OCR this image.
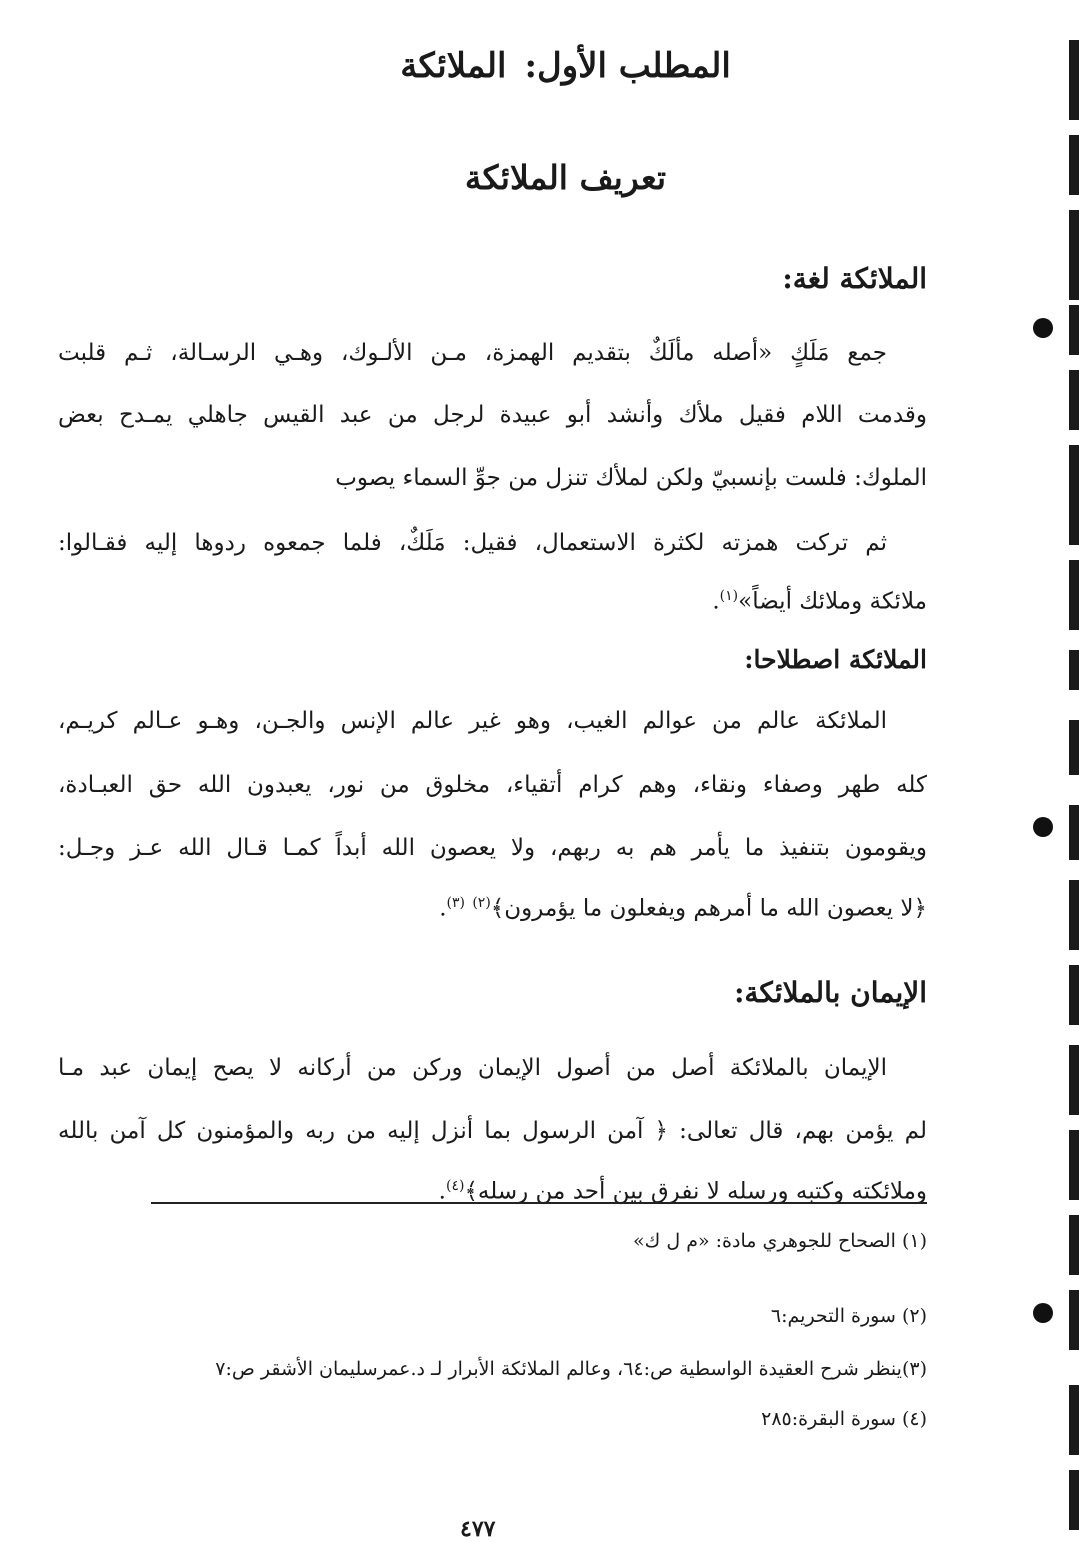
المطلب الأول:الملائكة
تعريف الملائكة
الملائكة لغة:

جمع مَلَكٍ «أصله مألَكٌ بتقديم الهمزة، مـن الألـوك، وهـي الرسـالة، ثـم قلبت

وقدمت اللام فقيل ملأك وأنشد أبو عبيدة لرجل من عبد القيس جاهلي يمـدح بعض

الملوك: فلست بإنسبيّ ولكن لملأك تنزل من جوِّ السماء يصوب

ثم تركت همزته لكثرة الاستعمال، فقيل: مَلَكٌ، فلما جمعوه ردوها إليه فقـالوا:

ملائكة وملائك أيضاً»$^{(١)}$.

الملائكة اصطلاحا:

الملائكة عالم من عوالم الغيب، وهو غير عالم الإنس والجـن، وهـو عـالم كريـم،

كله طهر وصفاء ونقاء، وهم كرام أتقياء، مخلوق من نور، يعبدون الله حق العبـادة،

ويقومون بتنفيذ ما يأمر هم به ربهم، ولا يعصون الله أبداً كمـا قـال الله عـز وجـل:

﴿لا يعصون الله ما أمرهم ويفعلون ما يؤمرون﴾$^{(٢)}$ $^{(٣)}$.

الإيمان بالملائكة:

الإيمان بالملائكة أصل من أصول الإيمان وركن من أركانه لا يصح إيمان عبد مـا

لم يؤمن بهم، قال تعالى: ﴿ آمن الرسول بما أنزل إليه من ربه والمؤمنون كل آمن بالله

وملائكته وكتبه ورسله لا نفرق بين أحد من رسله﴾$^{(٤)}$.

(١) الصحاح للجوهري مادة: «م ل ك»

(٢) سورة التحريم:٦

(٣)ينظر شرح العقيدة الواسطية ص:٦٤، وعالم الملائكة الأبرار لـ د.عمرسليمان الأشقر ص:٧

(٤) سورة البقرة:٢٨٥

٤٧٧
